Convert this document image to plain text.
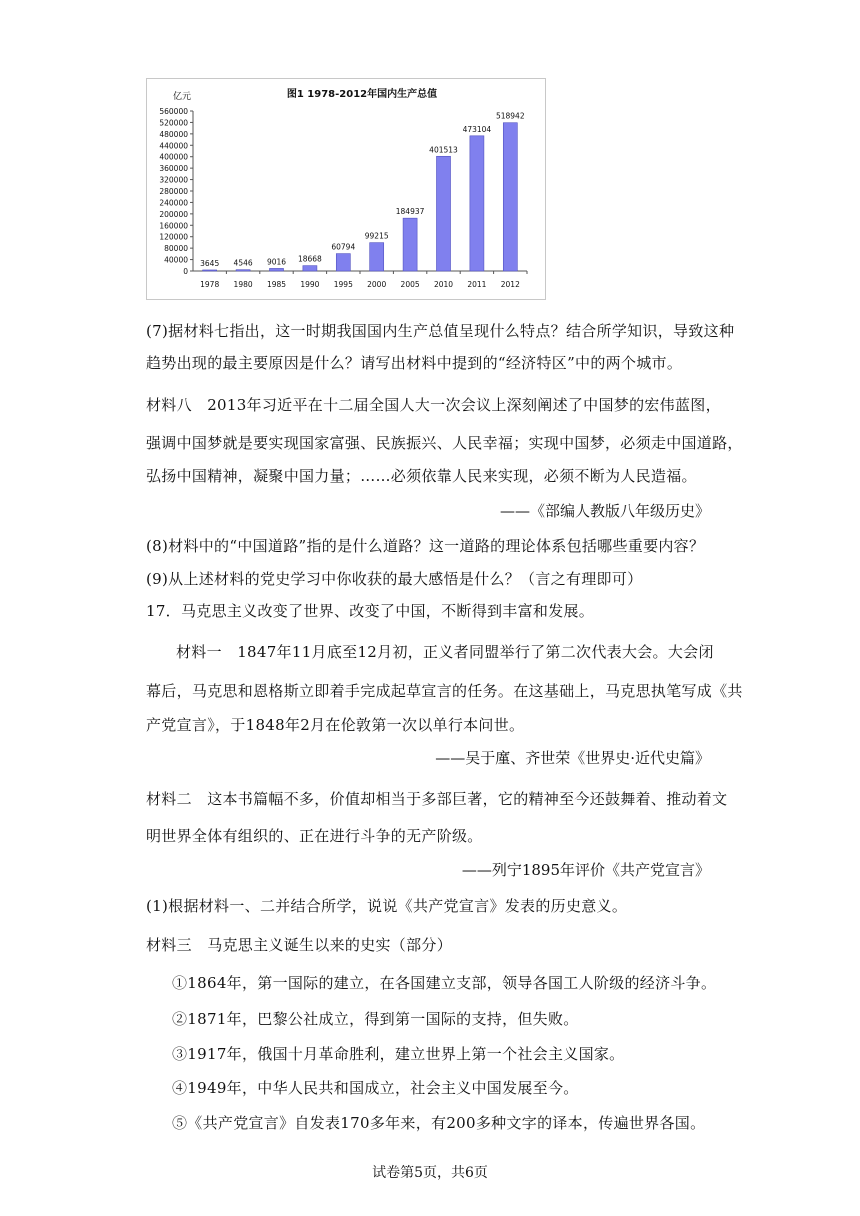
图1 1978-2012年国内生产总值
亿元
0
40000
80000
120000
160000
200000
240000
280000
320000
360000
400000
440000
480000
520000
560000
3645
1978
4546
1980
9016
1985
18668
1990
60794
1995
99215
2000
184937
2005
401513
2010
473104
2011
518942
2012
(7)据材料七指出，这一时期我国国内生产总值呈现什么特点？结合所学知识，导致这种
趋势出现的最主要原因是什么？请写出材料中提到的“经济特区”中的两个城市。
材料八　2013年习近平在十二届全国人大一次会议上深刻阐述了中国梦的宏伟蓝图，
强调中国梦就是要实现国家富强、民族振兴、人民幸福；实现中国梦，必须走中国道路，
弘扬中国精神，凝聚中国力量；……必须依靠人民来实现，必须不断为人民造福。
——《部编人教版八年级历史》
(8)材料中的“中国道路”指的是什么道路？这一道路的理论体系包括哪些重要内容？
(9)从上述材料的党史学习中你收获的最大感悟是什么？（言之有理即可）
17．马克思主义改变了世界、改变了中国，不断得到丰富和发展。
材料一　1847年11月底至12月初，正义者同盟举行了第二次代表大会。大会闭
幕后，马克思和恩格斯立即着手完成起草宣言的任务。在这基础上，马克思执笔写成《共
产党宣言》，于1848年2月在伦敦第一次以单行本问世。
——吴于廑、齐世荣《世界史·近代史篇》
材料二　这本书篇幅不多，价值却相当于多部巨著，它的精神至今还鼓舞着、推动着文
明世界全体有组织的、正在进行斗争的无产阶级。
——列宁1895年评价《共产党宣言》
(1)根据材料一、二并结合所学，说说《共产党宣言》发表的历史意义。
材料三　马克思主义诞生以来的史实（部分）
①1864年，第一国际的建立，在各国建立支部，领导各国工人阶级的经济斗争。
②1871年，巴黎公社成立，得到第一国际的支持，但失败。
③1917年，俄国十月革命胜利，建立世界上第一个社会主义国家。
④1949年，中华人民共和国成立，社会主义中国发展至今。
⑤《共产党宣言》自发表170多年来，有200多种文字的译本，传遍世界各国。
试卷第5页，共6页
